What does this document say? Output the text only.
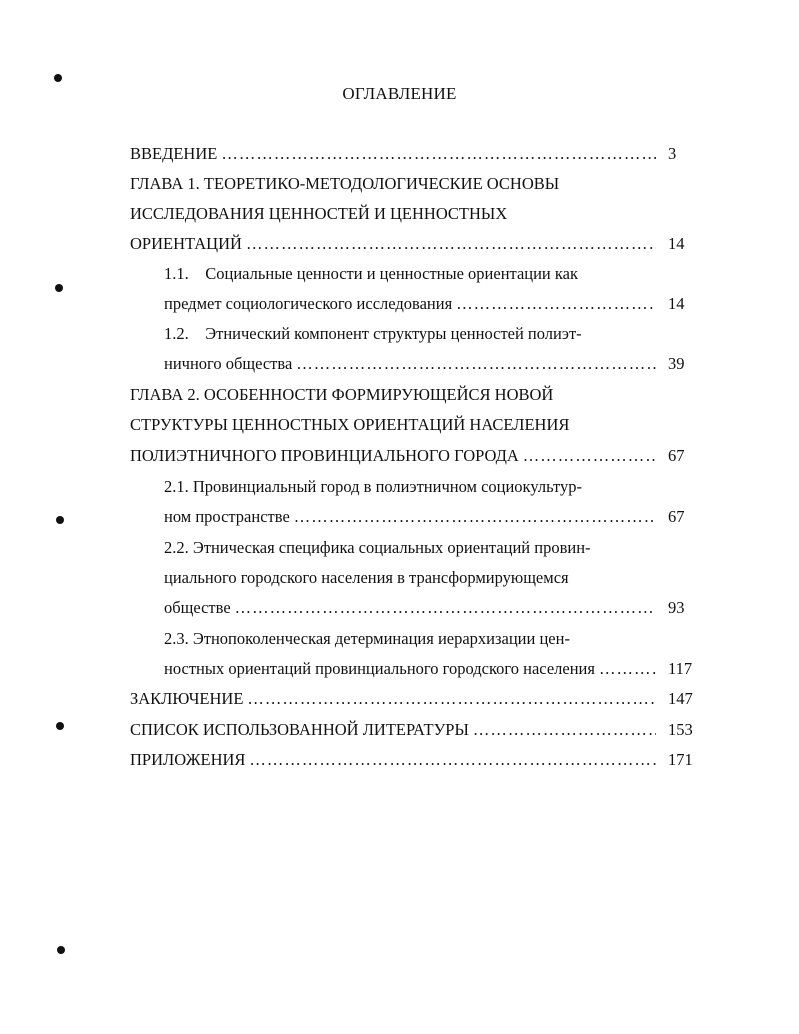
ОГЛАВЛЕНИЕ
ВВЕДЕНИЕ ……………………………………………………………………………………………………………………………………………………………………	3
ГЛАВА 1. ТЕОРЕТИКО-МЕТОДОЛОГИЧЕСКИЕ ОСНОВЫ
ИССЛЕДОВАНИЯ ЦЕННОСТЕЙ И ЦЕННОСТНЫХ
ОРИЕНТАЦИЙ ……………………………………………………………………………………………………………………………………………………………………	14
1.1. Социальные ценности и ценностные ориентации как
предмет социологического исследования ……………………………………………………………………………………………………………………………………………………………………	14
1.2. Этнический компонент структуры ценностей полиэт-
ничного общества ……………………………………………………………………………………………………………………………………………………………………	39
ГЛАВА 2. ОСОБЕННОСТИ ФОРМИРУЮЩЕЙСЯ НОВОЙ
СТРУКТУРЫ ЦЕННОСТНЫХ ОРИЕНТАЦИЙ НАСЕЛЕНИЯ
ПОЛИЭТНИЧНОГО ПРОВИНЦИАЛЬНОГО ГОРОДА ……………………………………………………………………………………………………………………………………………………………………	67
2.1. Провинциальный город в полиэтничном социокультур-
ном пространстве ……………………………………………………………………………………………………………………………………………………………………	67
2.2. Этническая специфика социальных ориентаций провин-
циального городского населения в трансформирующемся
обществе ……………………………………………………………………………………………………………………………………………………………………	93
2.3. Этнопоколенческая детерминация иерархизации цен-
ностных ориентаций провинциального городского населения ……………………………………………………………………………………………………………………………………………………………………	117
ЗАКЛЮЧЕНИЕ ……………………………………………………………………………………………………………………………………………………………………	147
СПИСОК ИСПОЛЬЗОВАННОЙ ЛИТЕРАТУРЫ ……………………………………………………………………………………………………………………………………………………………………	153
ПРИЛОЖЕНИЯ ……………………………………………………………………………………………………………………………………………………………………	171
